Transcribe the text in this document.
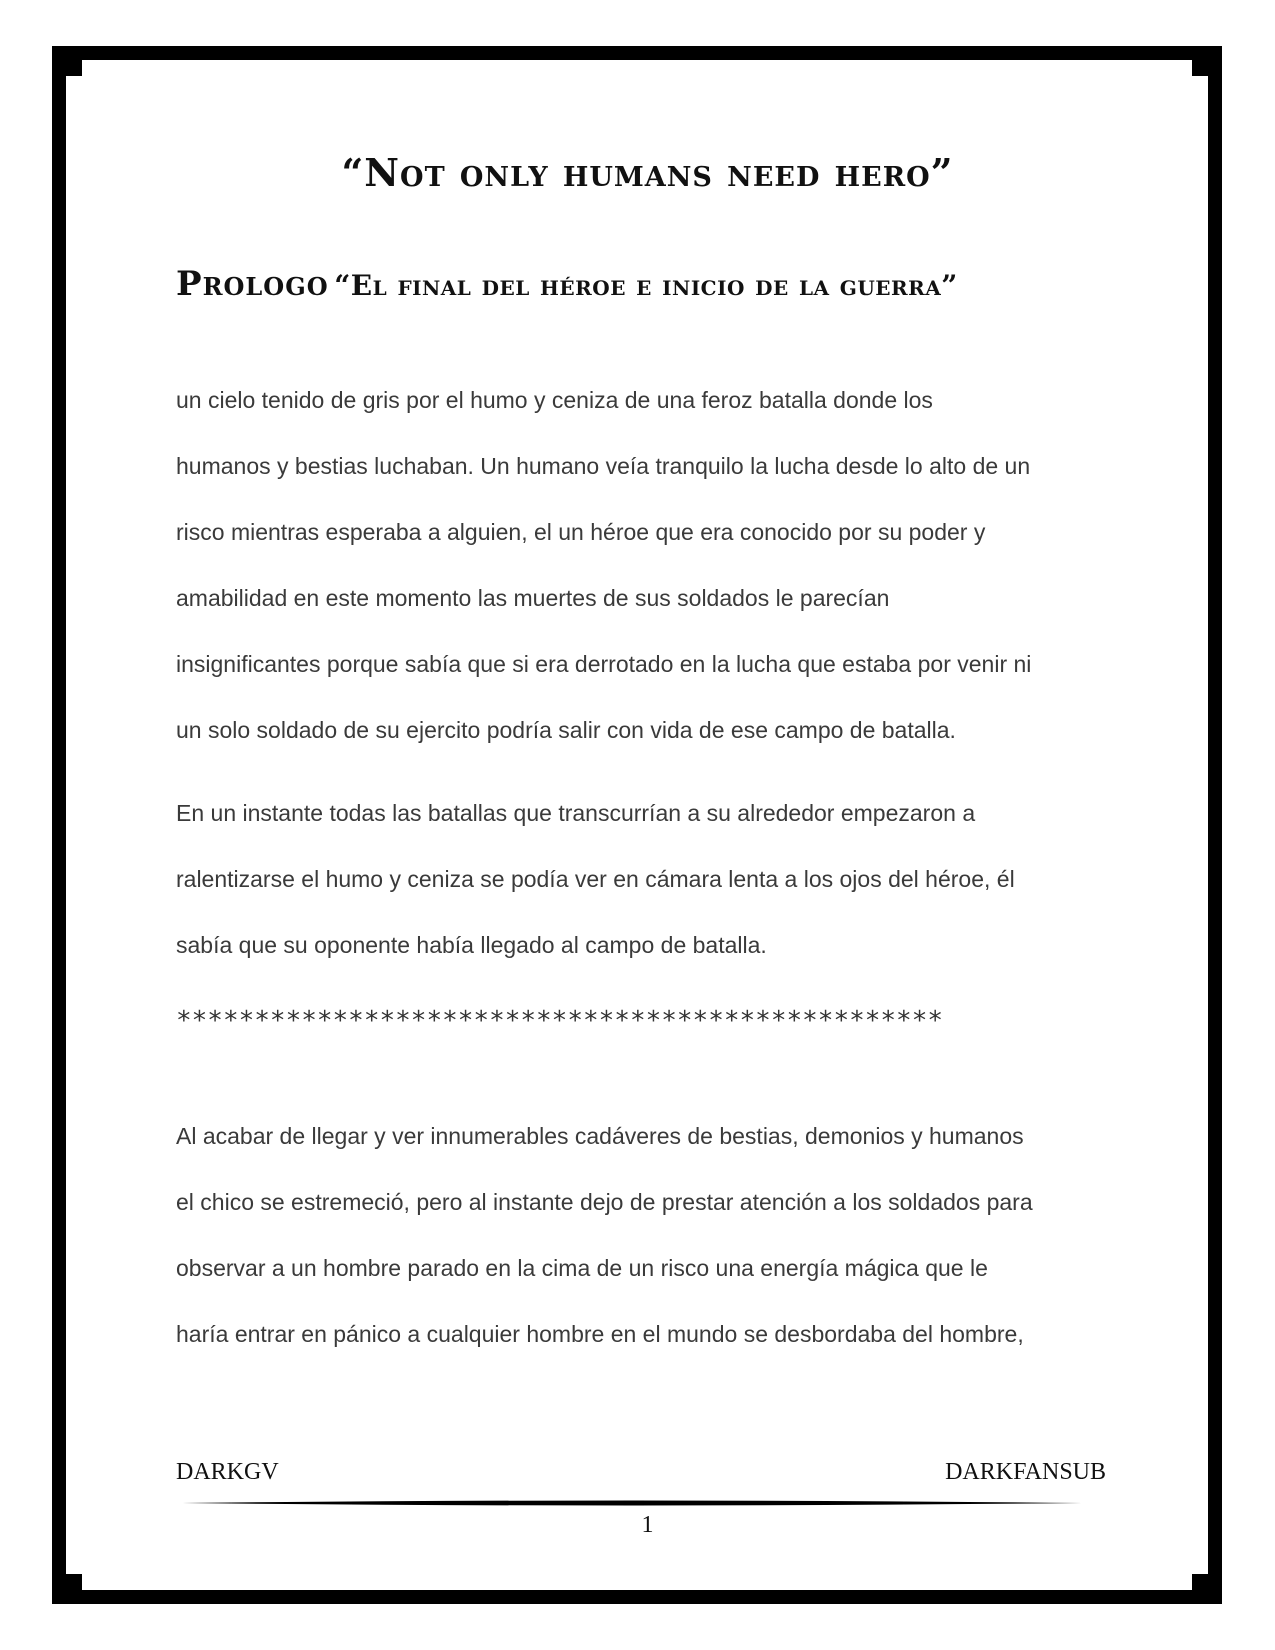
“Not only humans need hero”
Prologo “El final del héroe e inicio de la guerra”
un cielo tenido de gris por el humo y ceniza de una feroz batalla donde los
humanos y bestias luchaban. Un humano veía tranquilo la lucha desde lo alto de un
risco mientras esperaba a alguien, el un héroe que era conocido por su poder y
amabilidad en este momento las muertes de sus soldados le parecían
insignificantes porque sabía que si era derrotado en la lucha que estaba por venir ni
un solo soldado de su ejercito podría salir con vida de ese campo de batalla.
En un instante todas las batallas que transcurrían a su alrededor empezaron a
ralentizarse el humo y ceniza se podía ver en cámara lenta a los ojos del héroe, él
sabía que su oponente había llegado al campo de batalla.
*************************************************
Al acabar de llegar y ver innumerables cadáveres de bestias, demonios y humanos
el chico se estremeció, pero al instante dejo de prestar atención a los soldados para
observar a un hombre parado en la cima de un risco una energía mágica que le
haría entrar en pánico a cualquier hombre en el mundo se desbordaba del hombre,
DARKGV	DARKFANSUB
1
